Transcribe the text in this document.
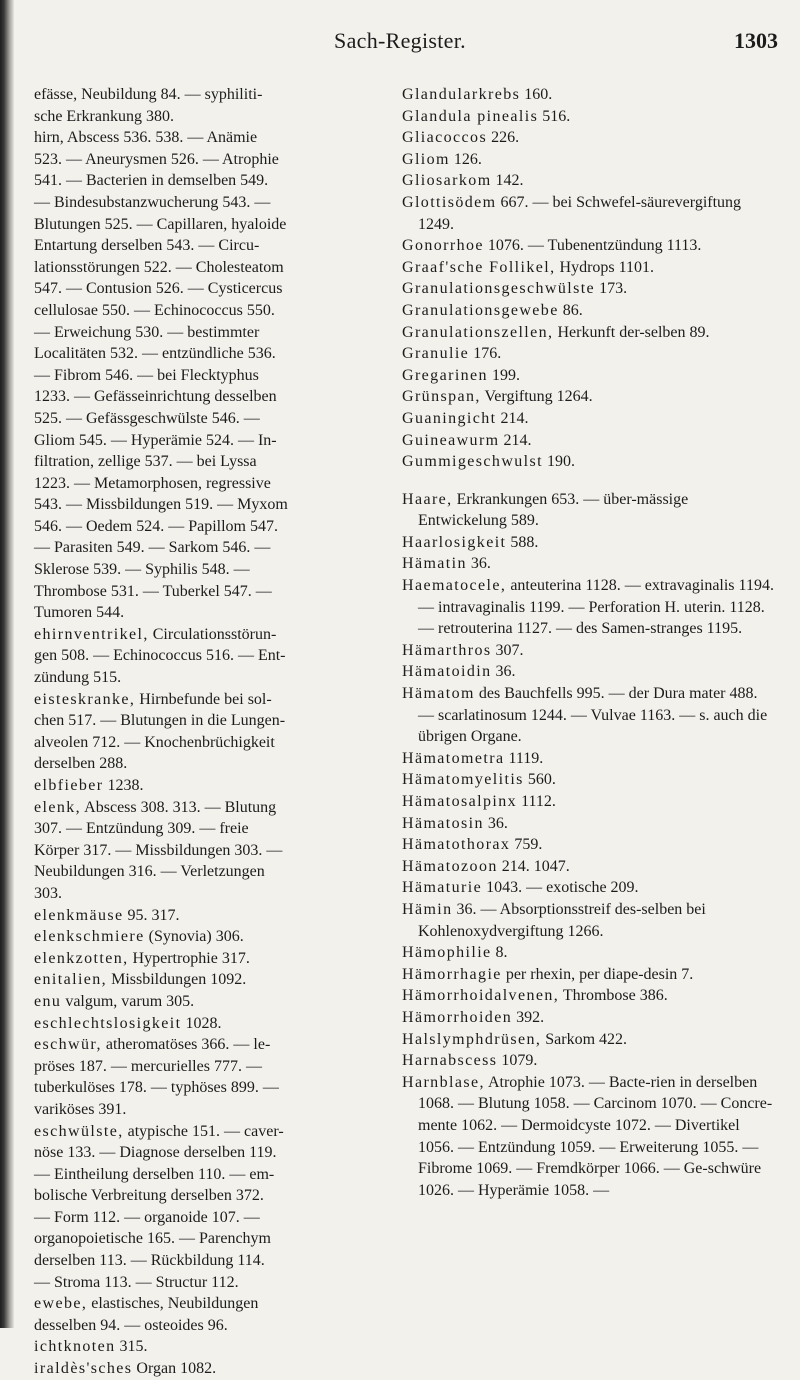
Sach-Register.	1303

efässe, Neubildung 84. — syphiliti-

sche Erkrankung 380.

hirn, Abscess 536. 538. — Anämie

523. — Aneurysmen 526. — Atrophie

541. — Bacterien in demselben 549.

— Bindesubstanzwucherung 543. —

Blutungen 525. — Capillaren, hyaloide

Entartung derselben 543. — Circu-

lationsstörungen 522. — Cholesteatom

547. — Contusion 526. — Cysticercus

cellulosae 550. — Echinococcus 550.

— Erweichung 530. — bestimmter

Localitäten 532. — entzündliche 536.

— Fibrom 546. — bei Flecktyphus

1233. — Gefässeinrichtung desselben

525. — Gefässgeschwülste 546. —

Gliom 545. — Hyperämie 524. — In-

filtration, zellige 537. — bei Lyssa

1223. — Metamorphosen, regressive

543. — Missbildungen 519. — Myxom

546. — Oedem 524. — Papillom 547.

— Parasiten 549. — Sarkom 546. —

Sklerose 539. — Syphilis 548. —

Thrombose 531. — Tuberkel 547. —

Tumoren 544.

ehirnventrikel, Circulationsstörun-

gen 508. — Echinococcus 516. — Ent-

zündung 515.

eisteskranke, Hirnbefunde bei sol-

chen 517. — Blutungen in die Lungen-

alveolen 712. — Knochenbrüchigkeit

derselben 288.

elbfieber 1238.

elenk, Abscess 308. 313. — Blutung

307. — Entzündung 309. — freie

Körper 317. — Missbildungen 303. —

Neubildungen 316. — Verletzungen

303.

elenkmäuse 95. 317.

elenkschmiere (Synovia) 306.

elenkzotten, Hypertrophie 317.

enitalien, Missbildungen 1092.

enu valgum, varum 305.

eschlechtslosigkeit 1028.

eschwür, atheromatöses 366. — le-

pröses 187. — mercurielles 777. —

tuberkulöses 178. — typhöses 899. —

variköses 391.

eschwülste, atypische 151. — caver-

nöse 133. — Diagnose derselben 119.

— Eintheilung derselben 110. — em-

bolische Verbreitung derselben 372.

— Form 112. — organoide 107. —

organopoietische 165. — Parenchym

derselben 113. — Rückbildung 114.

— Stroma 113. — Structur 112.

ewebe, elastisches, Neubildungen

desselben 94. — osteoides 96.

ichtknoten 315.

iraldès'sches Organ 1082.

Glandularkrebs 160.

Glandula pinealis 516.

Gliacoccos 226.

Gliom 126.

Gliosarkom 142.

Glottisödem 667. — bei Schwefel-säurevergiftung 1249.

Gonorrhoe 1076. — Tubenentzündung 1113.

Graaf'sche Follikel, Hydrops 1101.

Granulationsgeschwülste 173.

Granulationsgewebe 86.

Granulationszellen, Herkunft der-selben 89.

Granulie 176.

Gregarinen 199.

Grünspan, Vergiftung 1264.

Guaningicht 214.

Guineawurm 214.

Gummigeschwulst 190.

Haare, Erkrankungen 653. — über-mässige Entwickelung 589.

Haarlosigkeit 588.

Hämatin 36.

Haematocele, anteuterina 1128. — extravaginalis 1194. — intravaginalis 1199. — Perforation H. uterin. 1128. — retrouterina 1127. — des Samen-stranges 1195.

Hämarthros 307.

Hämatoidin 36.

Hämatom des Bauchfells 995. — der Dura mater 488. — scarlatinosum 1244. — Vulvae 1163. — s. auch die übrigen Organe.

Hämatometra 1119.

Hämatomyelitis 560.

Hämatosalpinx 1112.

Hämatosin 36.

Hämatothorax 759.

Hämatozoon 214. 1047.

Hämaturie 1043. — exotische 209.

Hämin 36. — Absorptionsstreif des-selben bei Kohlenoxydvergiftung 1266.

Hämophilie 8.

Hämorrhagie per rhexin, per diape-desin 7.

Hämorrhoidalvenen, Thrombose 386.

Hämorrhoiden 392.

Halslymphdrüsen, Sarkom 422.

Harnabscess 1079.

Harnblase, Atrophie 1073. — Bacte-rien in derselben 1068. — Blutung 1058. — Carcinom 1070. — Concre-mente 1062. — Dermoidcyste 1072. — Divertikel 1056. — Entzündung 1059. — Erweiterung 1055. — Fibrome 1069. — Fremdkörper 1066. — Ge-schwüre 1026. — Hyperämie 1058. —
